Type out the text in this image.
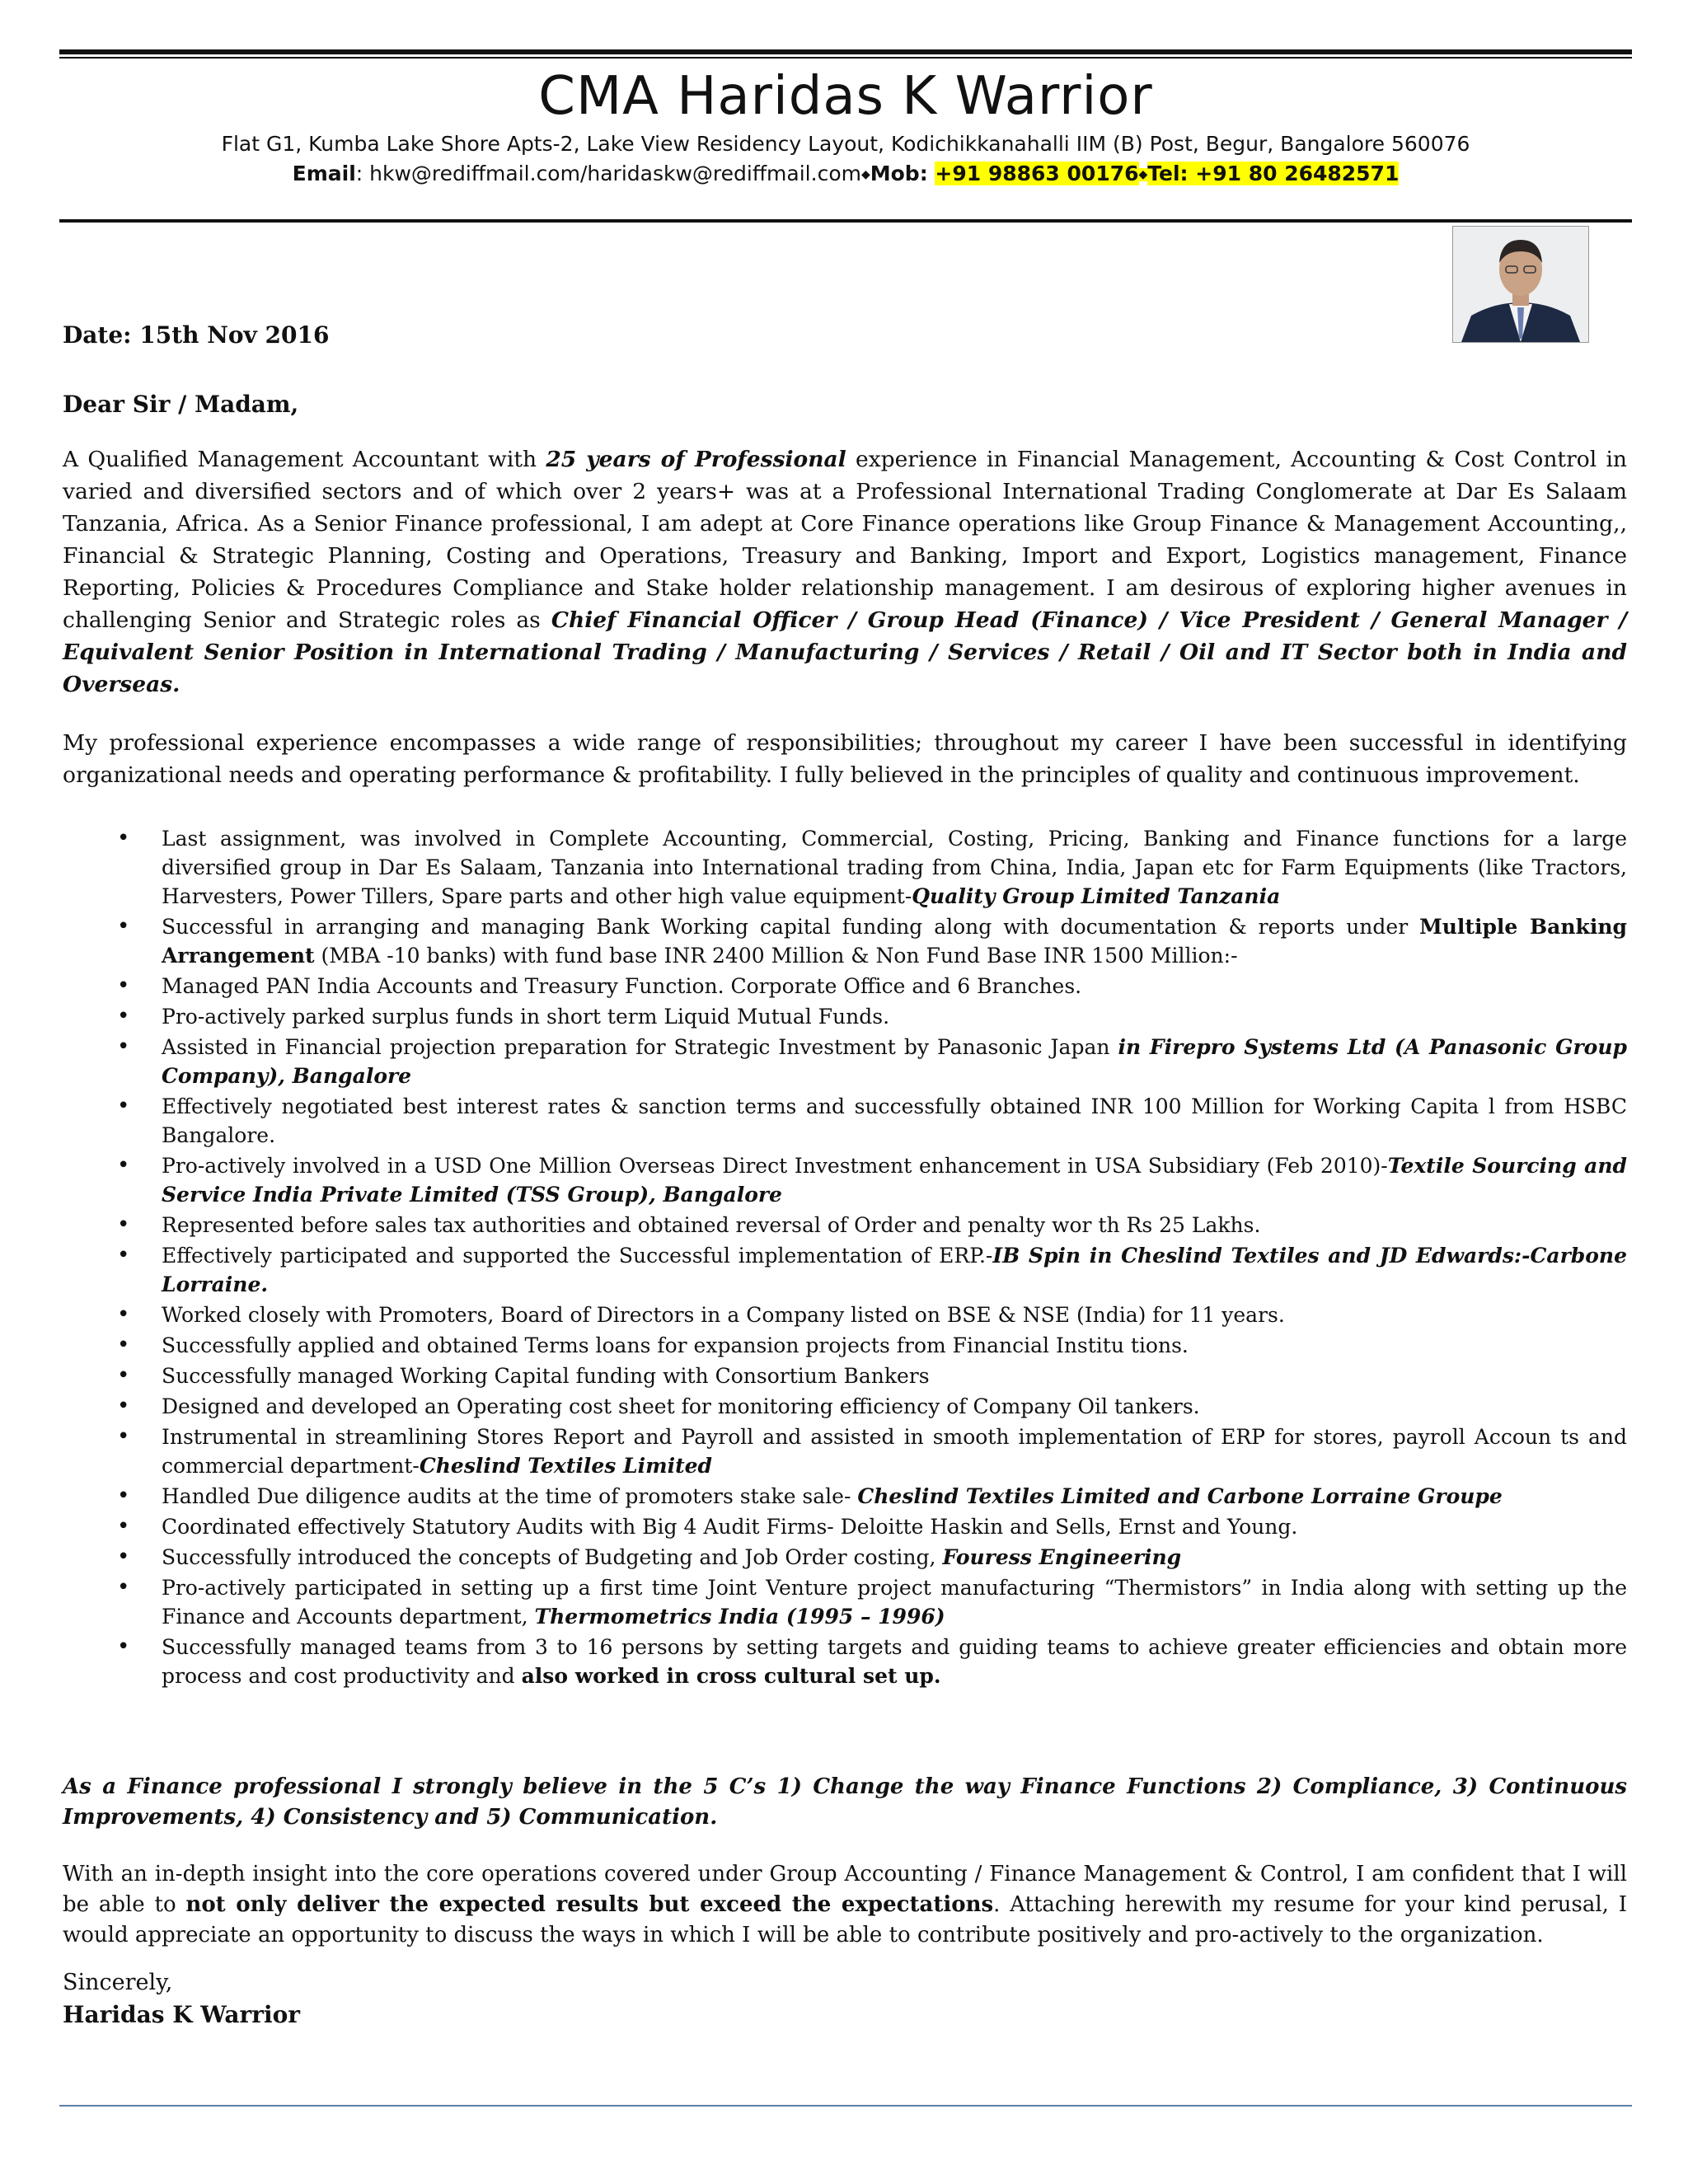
CMA Haridas K Warrior
Flat G1, Kumba Lake Shore Apts-2, Lake View Residency Layout, Kodichikkanahalli IIM (B) Post, Begur, Bangalore 560076
Email: hkw@rediffmail.com/haridaskw@rediffmail.com◆Mob: +91 98863 00176◆Tel: +91 80 26482571
Date: 15th Nov 2016
Dear Sir / Madam,
A Qualified Management Accountant with 25 years of Professional experience in Financial Management, Accounting & Cost Control in varied and diversified sectors and of which over 2 years+ was at a Professional International Trading Conglomerate at Dar Es Salaam Tanzania, Africa. As a Senior Finance professional, I am adept at Core Finance operations like Group Finance & Management Accounting,, Financial & Strategic Planning, Costing and Operations, Treasury and Banking, Import and Export, Logistics management, Finance Reporting, Policies & Procedures Compliance and Stake holder relationship management. I am desirous of exploring higher avenues in challenging Senior and Strategic roles as Chief Financial Officer / Group Head (Finance) / Vice President / General Manager / Equivalent Senior Position in International Trading / Manufacturing / Services / Retail / Oil and IT Sector both in India and Overseas.
My professional experience encompasses a wide range of responsibilities; throughout my career I have been successful in identifying organizational needs and operating performance & profitability. I fully believed in the principles of quality and continuous improvement.
• Last assignment, was involved in Complete Accounting, Commercial, Costing, Pricing, Banking and Finance functions for a large diversified group in Dar Es Salaam, Tanzania into International trading from China, India, Japan etc for Farm Equipments (like Tractors, Harvesters, Power Tillers, Spare parts and other high value equipment-Quality Group Limited Tanzania
• Successful in arranging and managing Bank Working capital funding along with documentation & reports under Multiple Banking Arrangement (MBA -10 banks) with fund base INR 2400 Million & Non Fund Base INR 1500 Million:-
• Managed PAN India Accounts and Treasury Function. Corporate Office and 6 Branches.
• Pro-actively parked surplus funds in short term Liquid Mutual Funds.
• Assisted in Financial projection preparation for Strategic Investment by Panasonic Japan in Firepro Systems Ltd (A Panasonic Group Company), Bangalore
• Effectively negotiated best interest rates & sanction terms and successfully obtained INR 100 Million for Working Capita l from HSBC Bangalore.
• Pro-actively involved in a USD One Million Overseas Direct Investment enhancement in USA Subsidiary (Feb 2010)-Textile Sourcing and Service India Private Limited (TSS Group), Bangalore
• Represented before sales tax authorities and obtained reversal of Order and penalty wor th Rs 25 Lakhs.
• Effectively participated and supported the Successful implementation of ERP.-IB Spin in Cheslind Textiles and JD Edwards:-Carbone Lorraine.
• Worked closely with Promoters, Board of Directors in a Company listed on BSE & NSE (India) for 11 years.
• Successfully applied and obtained Terms loans for expansion projects from Financial Institu tions.
• Successfully managed Working Capital funding with Consortium Bankers
• Designed and developed an Operating cost sheet for monitoring efficiency of Company Oil tankers.
• Instrumental in streamlining Stores Report and Payroll and assisted in smooth implementation of ERP for stores, payroll Accoun ts and commercial department-Cheslind Textiles Limited
• Handled Due diligence audits at the time of promoters stake sale- Cheslind Textiles Limited and Carbone Lorraine Groupe
• Coordinated effectively Statutory Audits with Big 4 Audit Firms- Deloitte Haskin and Sells, Ernst and Young.
• Successfully introduced the concepts of Budgeting and Job Order costing, Fouress Engineering
• Pro-actively participated in setting up a first time Joint Venture project manufacturing “Thermistors” in India along with setting up the Finance and Accounts department, Thermometrics India (1995 – 1996)
• Successfully managed teams from 3 to 16 persons by setting targets and guiding teams to achieve greater efficiencies and obtain more process and cost productivity and also worked in cross cultural set up.
As a Finance professional I strongly believe in the 5 C’s 1) Change the way Finance Functions 2) Compliance, 3) Continuous Improvements, 4) Consistency and 5) Communication.
With an in-depth insight into the core operations covered under Group Accounting / Finance Management & Control, I am confident that I will be able to not only deliver the expected results but exceed the expectations. Attaching herewith my resume for your kind perusal, I would appreciate an opportunity to discuss the ways in which I will be able to contribute positively and pro-actively to the organization.
Sincerely,
Haridas K Warrior
